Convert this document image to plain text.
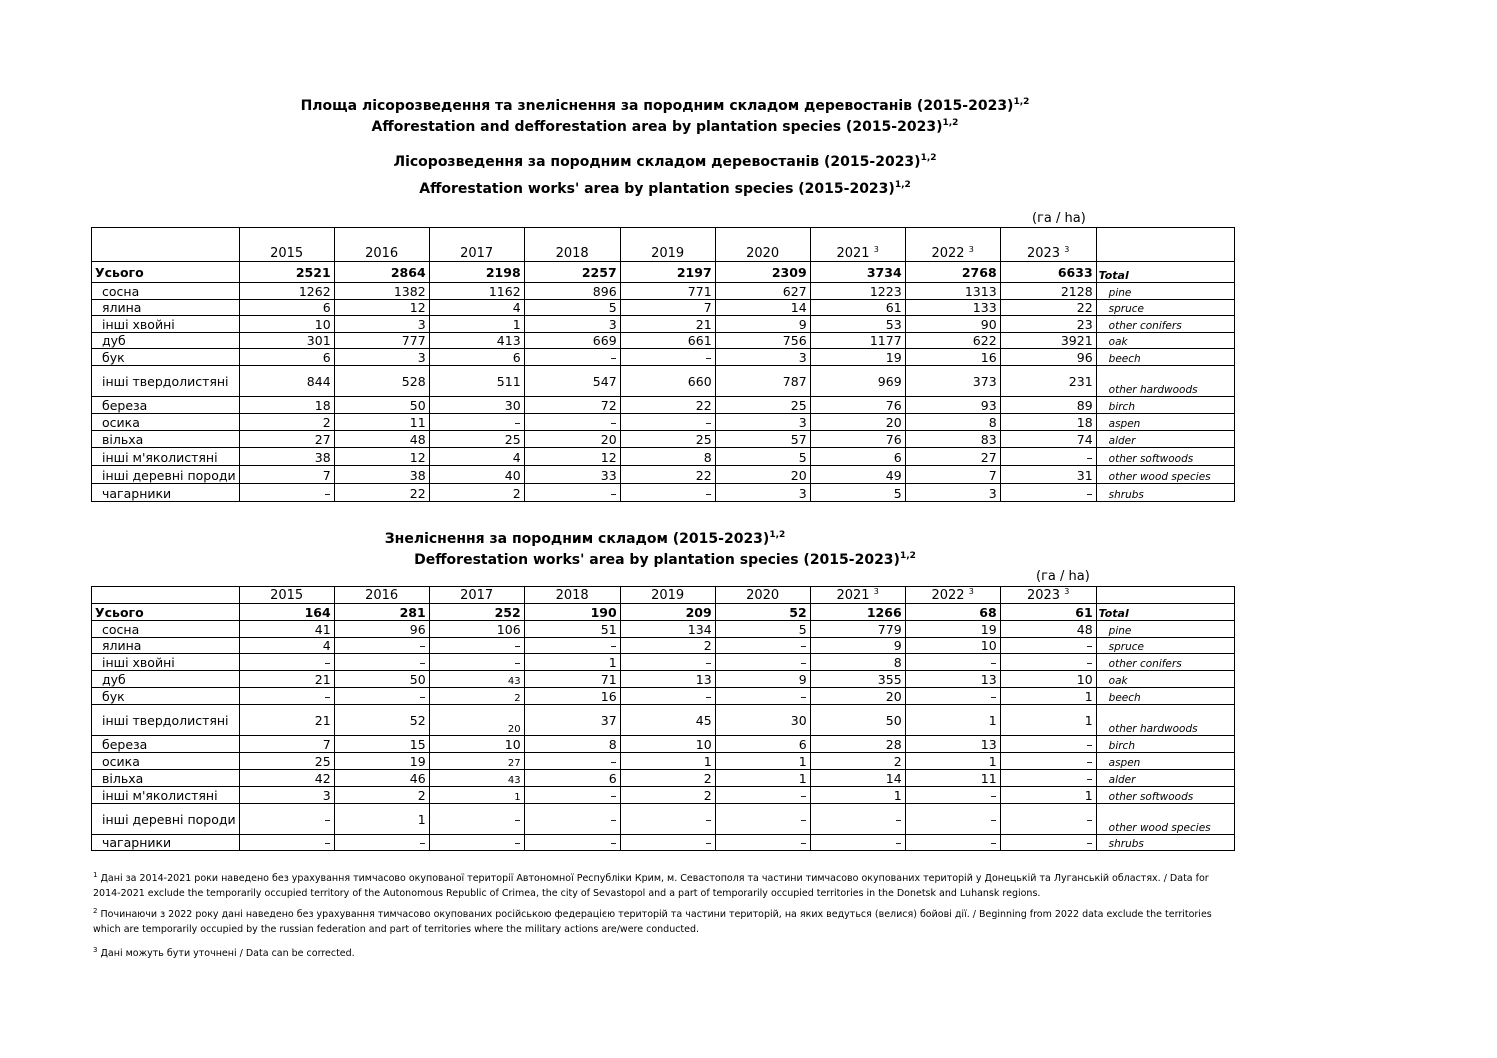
Площа лісорозведення та зneліснення за породним складом деревостанів (2015-2023)$^{1,2}$
Afforestation and defforestation area by plantation species (2015-2023)$^{1,2}$
Лісорозведення за породним складом деревостанів (2015-2023)$^{1,2}$
Afforestation works' area by plantation species (2015-2023)$^{1,2}$
(га / ha)
	2015	2016	2017	2018	2019	2020	2021 $^3$	2022 $^3$	2023 $^3$	
Усього	2521	2864	2198	2257	2197	2309	3734	2768	6633	Total
сосна	1262	1382	1162	896	771	627	1223	1313	2128	pine
ялина	6	12	4	5	7	14	61	133	22	spruce
інші хвойні	10	3	1	3	21	9	53	90	23	other conifers
дуб	301	777	413	669	661	756	1177	622	3921	oak
бук	6	3	6	–	–	3	19	16	96	beech
інші твердолистяні	844	528	511	547	660	787	969	373	231	other hardwoods
береза	18	50	30	72	22	25	76	93	89	birch
осика	2	11	–	–	–	3	20	8	18	aspen
вільха	27	48	25	20	25	57	76	83	74	alder
інші м'яколистяні	38	12	4	12	8	5	6	27	–	other softwoods
інші деревні породи	7	38	40	33	22	20	49	7	31	other wood species
чагарники	–	22	2	–	–	3	5	3	–	shrubs
Знеліснення за породним складом (2015-2023)$^{1,2}$
Defforestation works' area by plantation species (2015-2023)$^{1,2}$
(га / ha)
	2015	2016	2017	2018	2019	2020	2021 $^3$	2022 $^3$	2023 $^3$	
Усього	164	281	252	190	209	52	1266	68	61	Total
сосна	41	96	106	51	134	5	779	19	48	pine
ялина	4	–	–	–	2	–	9	10	–	spruce
інші хвойні	–	–	–	1	–	–	8	–	–	other conifers
дуб	21	50	43	71	13	9	355	13	10	oak
бук	–	–	2	16	–	–	20	–	1	beech
інші твердолистяні	21	52	20	37	45	30	50	1	1	other hardwoods
береза	7	15	10	8	10	6	28	13	–	birch
осика	25	19	27	–	1	1	2	1	–	aspen
вільха	42	46	43	6	2	1	14	11	–	alder
інші м'яколистяні	3	2	1	–	2	–	1	–	1	other softwoods
інші деревні породи	–	1	–	–	–	–	–	–	–	other wood species
чагарники	–	–	–	–	–	–	–	–	–	shrubs
$^1$ Дані за 2014-2021 роки наведено без урахування тимчасово окупованої території Автономної Республіки Крим, м. Севастополя та частини тимчасово окупованих територій у Донецькій та Луганській областях. / Data for 2014-2021 exclude the temporarily occupied territory of the Autonomous Republic of Crimea, the city of Sevastopol and a part of temporarily occupied territories in the Donetsk and Luhansk regions.
$^2$ Починаючи з 2022 року дані наведено без урахування тимчасово окупованих російською федерацією територій та частини територій, на яких ведуться (велися) бойові дії. / Beginning from 2022 data exclude the territories which are temporarily occupied by the russian federation and part of territories where the military actions are/were conducted.
$^3$ Дані можуть бути уточнені / Data can be corrected.
